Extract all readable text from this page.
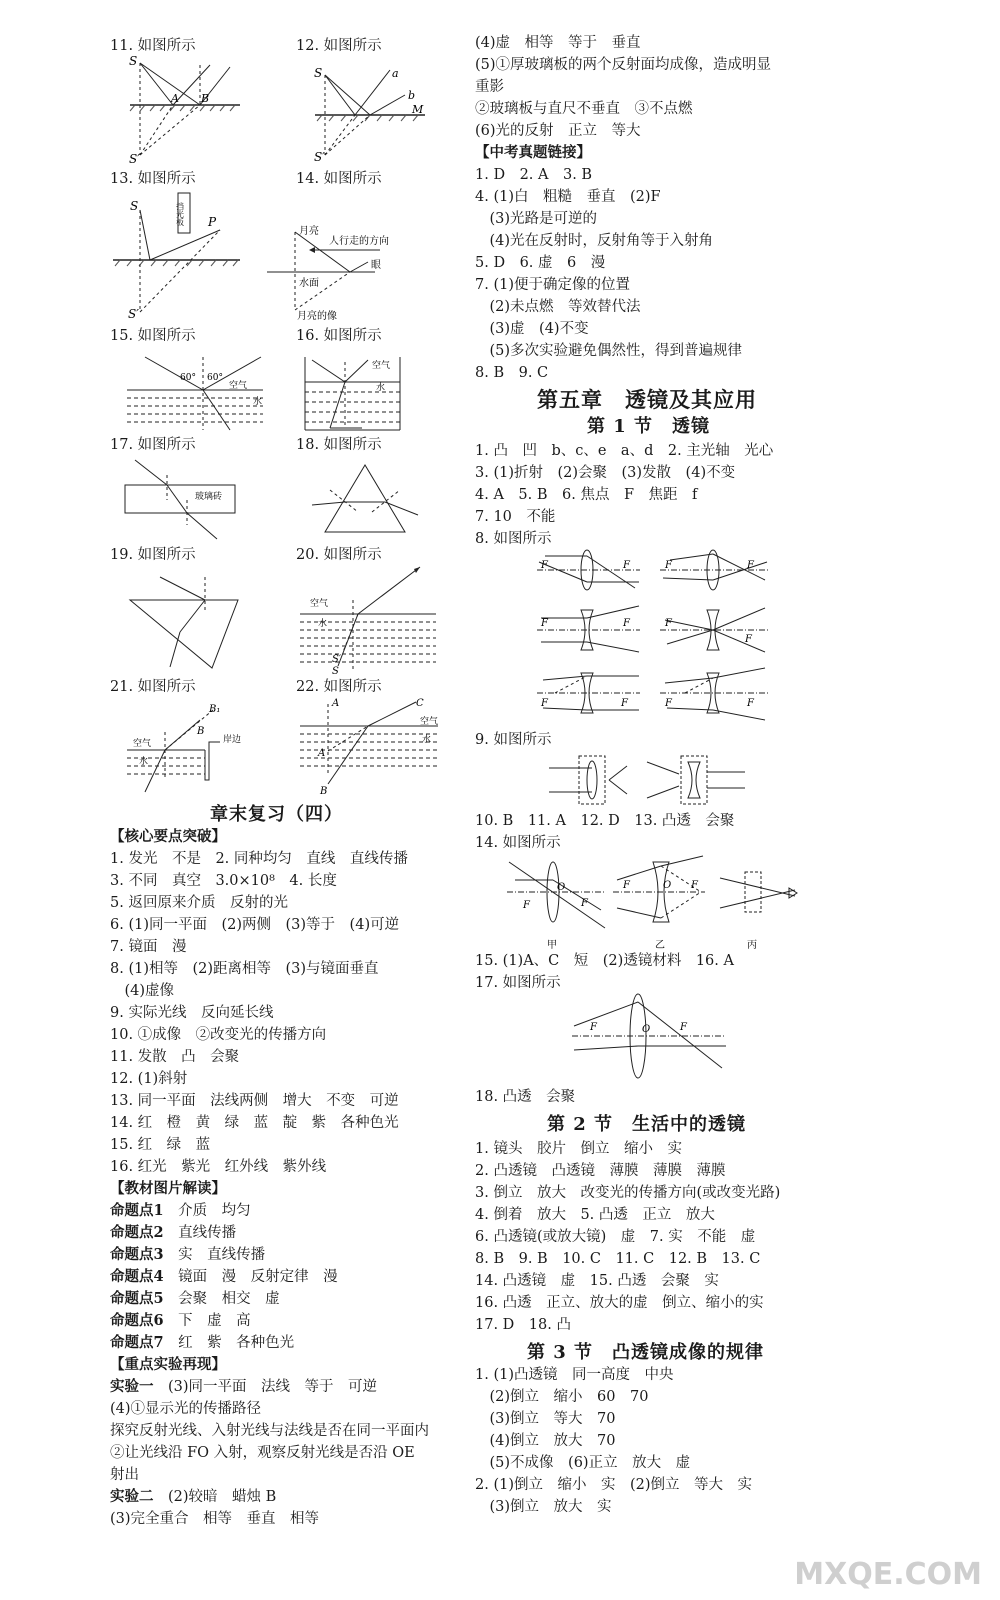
11. 如图所示	12. 如图所示
13. 如图所示	14. 如图所示
15. 如图所示	16. 如图所示
17. 如图所示	18. 如图所示
19. 如图所示	20. 如图所示
21. 如图所示	22. 如图所示
S
A B
S′
S	a
b
M
S′
挡光板
S
P
S′
月亮
人行走的方向
眼
水面
月亮的像
60° 60°
空气
水
空气
水
玻璃砖
空气
水
S′
S
空气
水
B₁
B
岸边
A	C
空气
水
A
B
章末复习（四）
【核心要点突破】
1. 发光　不是　2. 同种均匀　直线　直线传播
3. 不同　真空　3.0×10⁸　4. 长度
5. 返回原来介质　反射的光
6. (1)同一平面　(2)两侧　(3)等于　(4)可逆
7. 镜面　漫
8. (1)相等　(2)距离相等　(3)与镜面垂直
　(4)虚像
9. 实际光线　反向延长线
10. ①成像　②改变光的传播方向
11. 发散　凸　会聚
12. (1)斜射
13. 同一平面　法线两侧　增大　不变　可逆
14. 红　橙　黄　绿　蓝　靛　紫　各种色光
15. 红　绿　蓝
16. 红光　紫光　红外线　紫外线
【教材图片解读】
命题点1　 介质　均匀
命题点2　 直线传播
命题点3　 实　直线传播
命题点4　 镜面　漫　反射定律　漫
命题点5　 会聚　相交　虚
命题点6　 下　虚　高
命题点7　 红　紫　各种色光
【重点实验再现】
实验一　 (3)同一平面　法线　等于　可逆
(4)①显示光的传播路径
探究反射光线、入射光线与法线是否在同一平面内
②让光线沿 FO 入射，观察反射光线是否沿 OE
射出
实验二　 (2)较暗　蜡烛 B
(3)完全重合　相等　垂直　相等
(4)虚　相等　等于　垂直
(5)①厚玻璃板的两个反射面均成像，造成明显
重影
②玻璃板与直尺不垂直　③不点燃
(6)光的反射　正立　等大
【中考真题链接】
1. D　2. A　3. B
4. (1)白　粗糙　垂直　(2)F
　(3)光路是可逆的
　(4)光在反射时，反射角等于入射角
5. D　6. 虚　6　漫
7. (1)便于确定像的位置
　(2)未点燃　等效替代法
　(3)虚　(4)不变
　(5)多次实验避免偶然性，得到普遍规律
8. B　9. C
第五章　透镜及其应用
第 1 节　透镜
1. 凸　凹　b、c、e　a、d　2. 主光轴　光心
3. (1)折射　(2)会聚　(3)发散　(4)不变
4. A　5. B　6. 焦点　F　焦距　f
7. 10　不能
8. 如图所示
F	F	F	F
F	F	F
F
F	F	F	F
9. 如图所示
10. B　11. A　12. D　13. 凸透　会聚
14. 如图所示
F
O
F
甲
F	O F
乙	丙
15. (1)A、C　短　(2)透镜材料　16. A
17. 如图所示
F	O	F
18. 凸透　会聚
第 2 节　生活中的透镜
1. 镜头　胶片　倒立　缩小　实
2. 凸透镜　凸透镜　薄膜　薄膜　薄膜
3. 倒立　放大　改变光的传播方向(或改变光路)
4. 倒着　放大　5. 凸透　正立　放大
6. 凸透镜(或放大镜)　虚　7. 实　不能　虚
8. B　9. B　10. C　11. C　12. B　13. C
14. 凸透镜　虚　15. 凸透　会聚　实
16. 凸透　正立、放大的虚　倒立、缩小的实
17. D　18. 凸
第 3 节　凸透镜成像的规律
1. (1)凸透镜　同一高度　中央
　(2)倒立　缩小　60　70
　(3)倒立　等大　70
　(4)倒立　放大　70
　(5)不成像　(6)正立　放大　虚
2. (1)倒立　缩小　实　(2)倒立　等大　实
　(3)倒立　放大　实
MXQE.COM
